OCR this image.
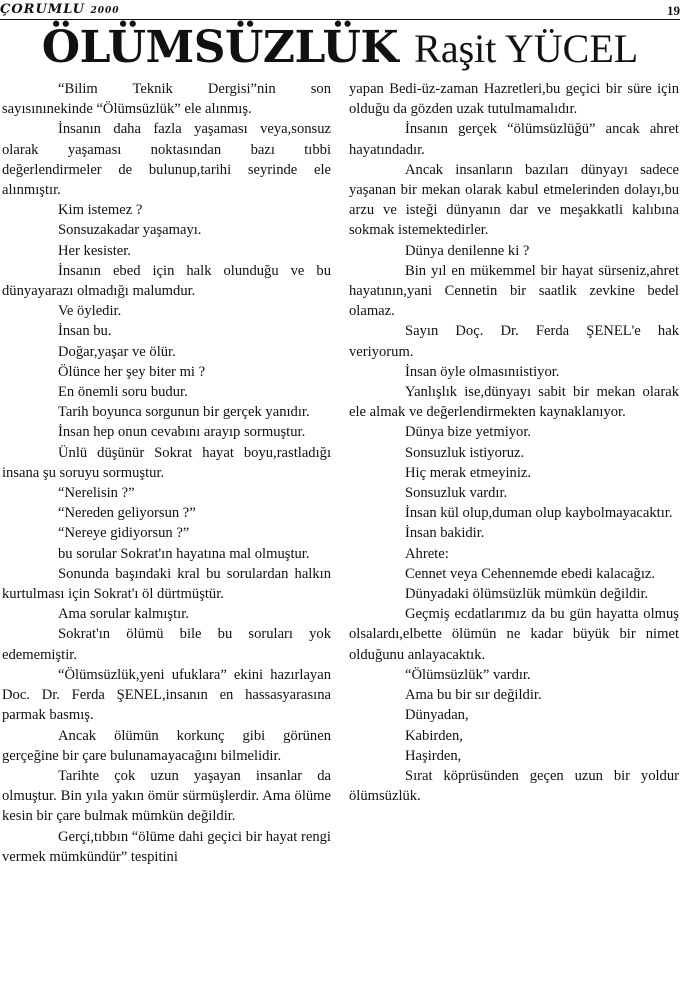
ÇORUMLU 2000	19
ÖLÜMSÜZLÜK Raşit YÜCEL

“Bilim Teknik Dergisi”nin son sayısınınekinde “Ölümsüzlük” ele alınmış.

İnsanın daha fazla yaşaması veya,sonsuz olarak yaşaması noktasından bazı tıbbi değerlendirmeler de bulunup,tarihi seyrinde ele alınmıştır.

Kim istemez ?

Sonsuzakadar yaşamayı.

Her kesister.

İnsanın ebed için halk olunduğu ve bu dünyayarazı olmadığı malumdur.

Ve öyledir.

İnsan bu.

Doğar,yaşar ve ölür.

Ölünce her şey biter mi ?

En önemli soru budur.

Tarih boyunca sorgunun bir gerçek yanıdır.

İnsan hep onun cevabını arayıp sormuştur.

Ünlü düşünür Sokrat hayat boyu,rastladığı insana şu soruyu sormuştur.

“Nerelisin ?”

“Nereden geliyorsun ?”

“Nereye gidiyorsun ?”

bu sorular Sokrat'ın hayatına mal olmuştur.

Sonunda başındaki kral bu sorulardan halkın kurtulması için Sokrat'ı öl dürtmüştür.

Ama sorular kalmıştır.

Sokrat'ın ölümü bile bu soruları yok edememiştir.

“Ölümsüzlük,yeni ufuklara” ekini hazırlayan Doc. Dr. Ferda ŞENEL,insanın en hassasyarasına parmak basmış.

Ancak ölümün korkunç gibi görünen gerçeğine bir çare bulunamayacağını bilmelidir.

Tarihte çok uzun yaşayan insanlar da olmuştur. Bin yıla yakın ömür sürmüşlerdir. Ama ölüme kesin bir çare bulmak mümkün değildir.

Gerçi,tıbbın “ölüme dahi geçici bir hayat rengi vermek mümkündür” tespitini

yapan Bedi-üz-zaman Hazretleri,bu geçici bir süre için olduğu da gözden uzak tutulmamalıdır.

İnsanın gerçek “ölümsüzlüğü” ancak ahret hayatındadır.

Ancak insanların bazıları dünyayı sadece yaşanan bir mekan olarak kabul etmelerinden dolayı,bu arzu ve isteği dünyanın dar ve meşakkatli kalıbına sokmak istemektedirler.

Dünya denilenne ki ?

Bin yıl en mükemmel bir hayat sürseniz,ahret hayatının,yani Cennetin bir saatlik zevkine bedel olamaz.

Sayın Doç. Dr. Ferda ŞENEL'e hak veriyorum.

İnsan öyle olmasınıistiyor.

Yanlışlık ise,dünyayı sabit bir mekan olarak ele almak ve değerlendirmekten kaynaklanıyor.

Dünya bize yetmiyor.

Sonsuzluk istiyoruz.

Hiç merak etmeyiniz.

Sonsuzluk vardır.

İnsan kül olup,duman olup kaybolmayacaktır.

İnsan bakidir.

Ahrete:

Cennet veya Cehennemde ebedi kalacağız.

Dünyadaki ölümsüzlük mümkün değildir.

Geçmiş ecdatlarımız da bu gün hayatta olmuş olsalardı,elbette ölümün ne kadar büyük bir nimet olduğunu anlayacaktık.

“Ölümsüzlük” vardır.

Ama bu bir sır değildir.

Dünyadan,

Kabirden,

Haşirden,

Sırat köprüsünden geçen uzun bir yoldur ölümsüzlük.
